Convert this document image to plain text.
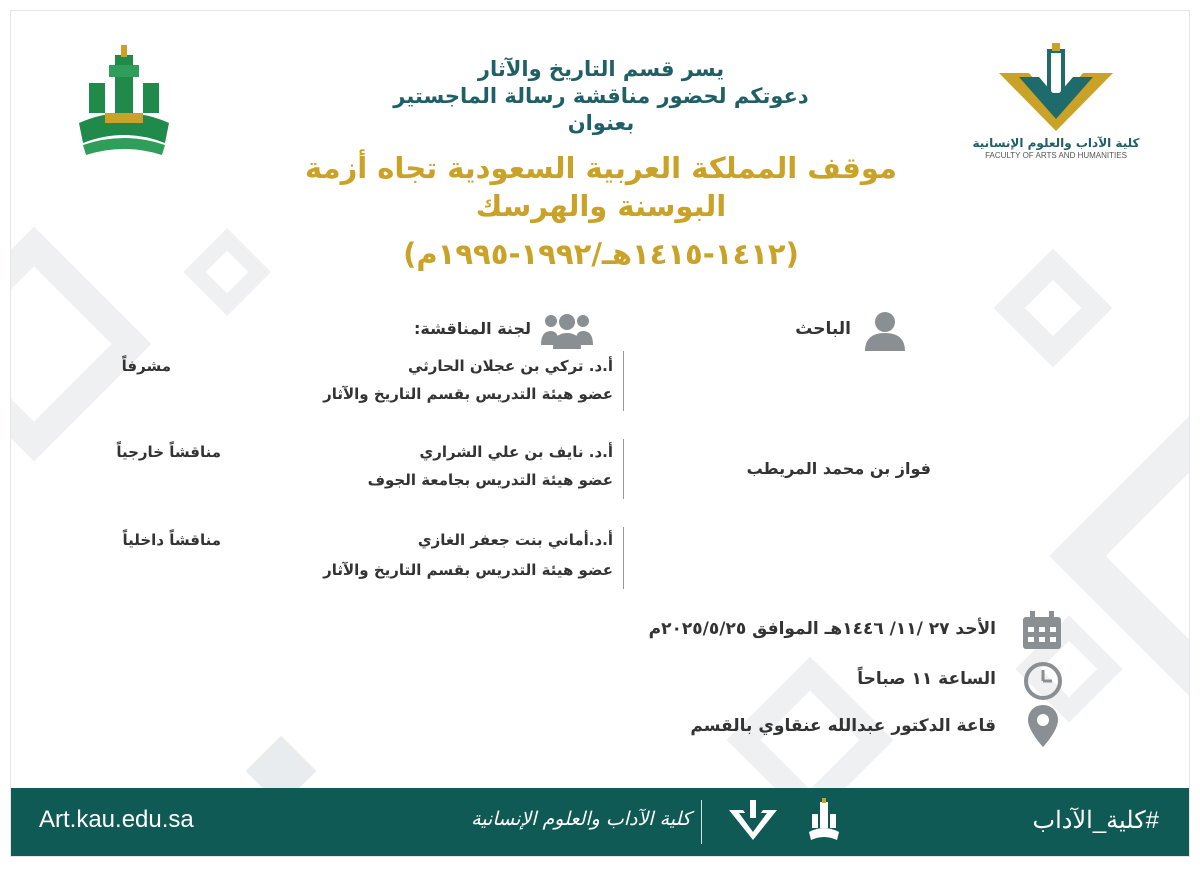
كلية الآداب والعلوم الإنسانية
FACULTY OF ARTS AND HUMANITIES
يسر قسم التاريخ والآثار
دعوتكم لحضور مناقشة رسالة الماجستير
بعنوان
موقف المملكة العربية السعودية تجاه أزمة
البوسنة والهرسك
(١٤١٢-١٤١٥هـ/١٩٩٢-١٩٩٥م)
الباحث
فواز بن محمد المريطب
لجنة المناقشة:
أ.د. تركي بن عجلان الحارثي
عضو هيئة التدريس بقسم التاريخ والآثار
مشرفاً
أ.د. نايف بن علي الشراري
عضو هيئة التدريس بجامعة الجوف
مناقشاً خارجياً
أ.د.أماني بنت جعفر الغازي
عضو هيئة التدريس بقسم التاريخ والآثار
مناقشاً داخلياً
الأحد ٢٧ /١١/ ١٤٤٦هـ الموافق ٢٠٢٥/٥/٢٥م
الساعة ١١ صباحاً
قاعة الدكتور عبدالله عنقاوي بالقسم
Art.kau.edu.sa	#كلية_الآداب
كلية الآداب والعلوم الإنسانية
